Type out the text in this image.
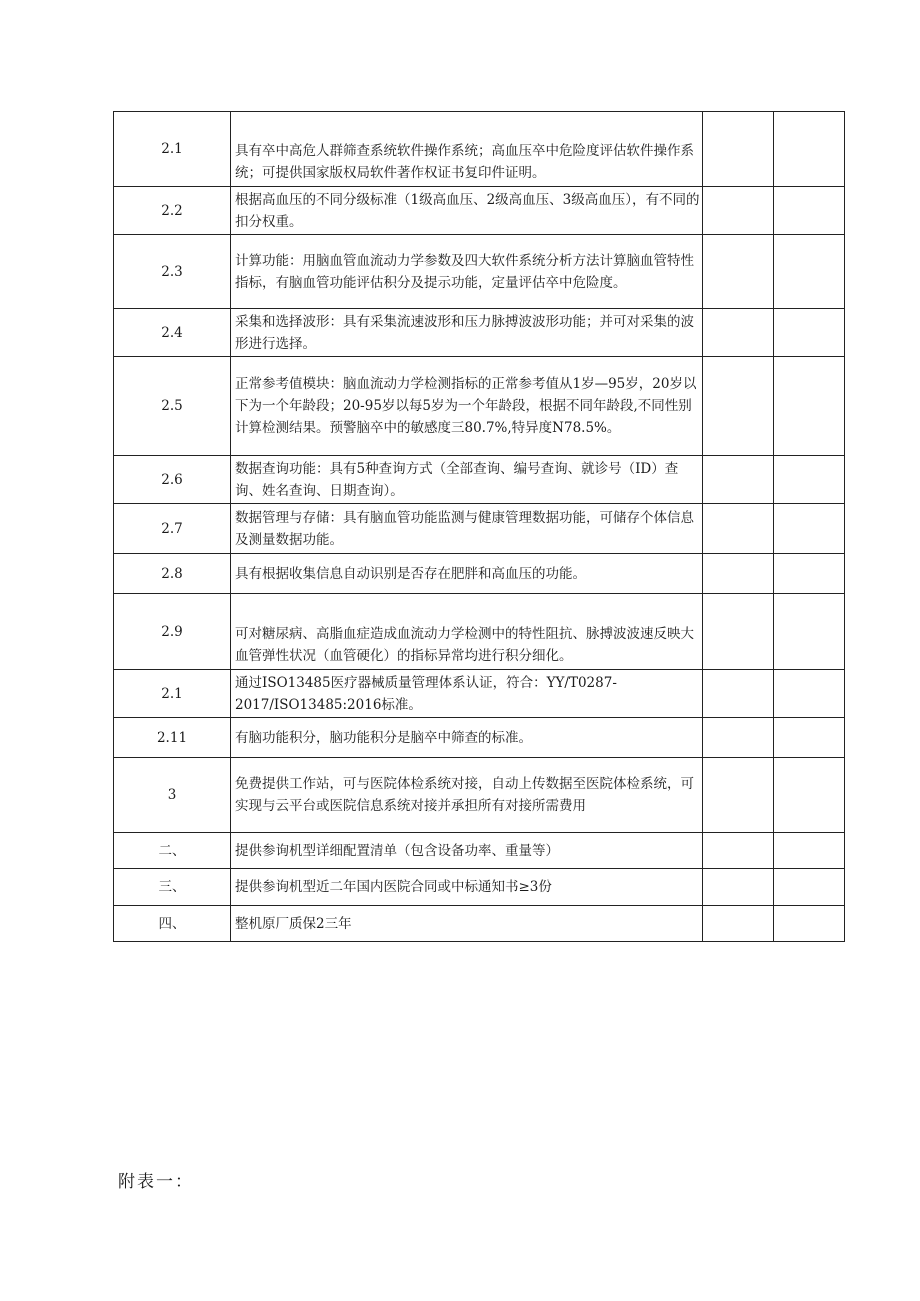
2.1	具有卒中高危人群筛查系统软件操作系统；高血压卒中危险度评估软件操作系统；可提供国家版权局软件著作权证书复印件证明。		

2.2	根据高血压的不同分级标准（1级高血压、2级高血压、3级高血压），有不同的扣分权重。		

2.3	计算功能：用脑血管血流动力学参数及四大软件系统分析方法计算脑血管特性指标，有脑血管功能评估积分及提示功能，定量评估卒中危险度。		

2.4	采集和选择波形：具有采集流速波形和压力脉搏波波形功能；并可对采集的波形进行选择。		

2.5	正常参考值模块：脑血流动力学检测指标的正常参考值从1岁—95岁，20岁以下为一个年龄段；20-95岁以每5岁为一个年龄段，根据不同年龄段,不同性别计算检测结果。预警脑卒中的敏感度三80.7%,特异度N78.5%。		

2.6	数据查询功能：具有5种查询方式（全部查询、编号查询、就诊号（ID）查询、姓名查询、日期查询）。		

2.7	数据管理与存储：具有脑血管功能监测与健康管理数据功能，可储存个体信息及测量数据功能。		

2.8	具有根据收集信息自动识别是否存在肥胖和高血压的功能。		

2.9	可对糖尿病、高脂血症造成血流动力学检测中的特性阻抗、脉搏波波速反映大血管弹性状况（血管硬化）的指标异常均进行积分细化。		

2.1	通过ISO13485医疗器械质量管理体系认证，符合：YY/T0287-2017/ISO13485:2016标准。		

2.11	有脑功能积分，脑功能积分是脑卒中筛查的标准。		

3	免费提供工作站，可与医院体检系统对接，自动上传数据至医院体检系统，可实现与云平台或医院信息系统对接并承担所有对接所需费用		

二、	提供参询机型详细配置清单（包含设备功率、重量等）		

三、	提供参询机型近二年国内医院合同或中标通知书≥3份		

四、	整机原厂质保2三年		

附表一：
